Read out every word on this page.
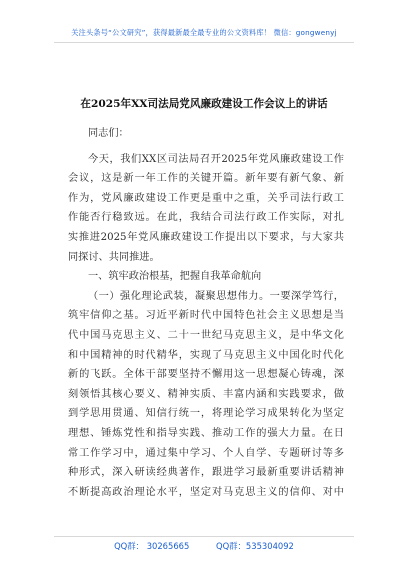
关注头条号“公文研究”，获得最新最全最专业的公文资料库！ 微信：gongwenyj
在2025年XX司法局党风廉政建设工作会议上的讲话
同志们：
今天，我们XX区司法局召开2025年党风廉政建设工作
会议，这是新一年工作的关键开篇。新年要有新气象、新
作为，党风廉政建设工作更是重中之重，关乎司法行政工
作能否行稳致远。在此，我结合司法行政工作实际，对扎
实推进2025年党风廉政建设工作提出以下要求，与大家共
同探讨、共同推进。
一、筑牢政治根基，把握自我革命航向
（一）强化理论武装，凝聚思想伟力。一要深学笃行，
筑牢信仰之基。习近平新时代中国特色社会主义思想是当
代中国马克思主义、二十一世纪马克思主义，是中华文化
和中国精神的时代精华，实现了马克思主义中国化时代化
新的飞跃。全体干部要坚持不懈用这一思想凝心铸魂，深
刻领悟其核心要义、精神实质、丰富内涵和实践要求，做
到学思用贯通、知信行统一，将理论学习成果转化为坚定
理想、锤炼党性和指导实践、推动工作的强大力量。在日
常工作学习中，通过集中学习、个人自学、专题研讨等多
种形式，深入研读经典著作，跟进学习最新重要讲话精神
不断提高政治理论水平，坚定对马克思主义的信仰、对中
QQ群： 30265665	QQ群：535304092
